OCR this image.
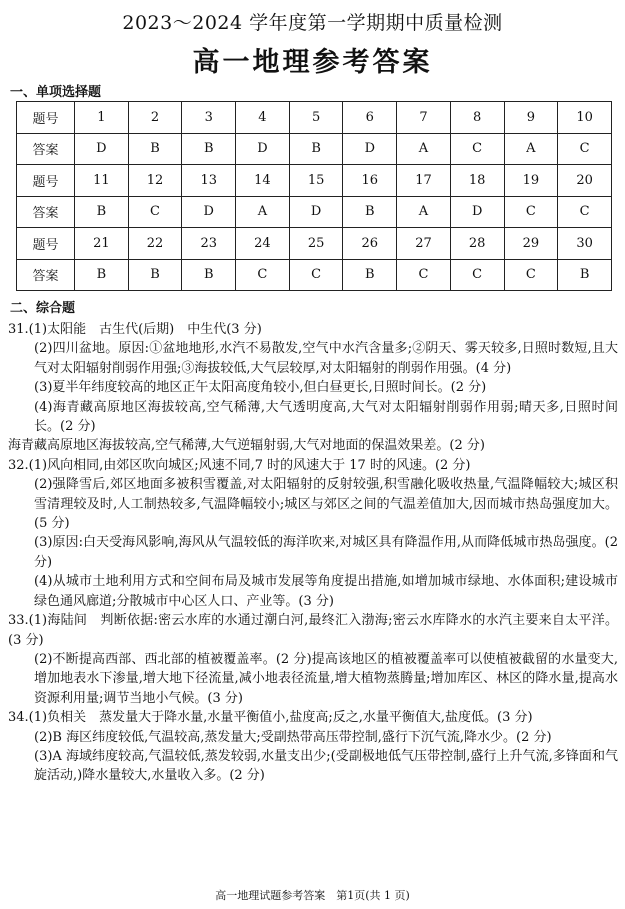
2023～2024 学年度第一学期期中质量检测
高一地理参考答案
一、单项选择题
题号	1	2	3	4	5	6	7	8	9	10
答案	D	B	B	D	B	D	A	C	A	C
题号	11	12	13	14	15	16	17	18	19	20
答案	B	C	D	A	D	B	A	D	C	C
题号	21	22	23	24	25	26	27	28	29	30
答案	B	B	B	C	C	B	C	C	C	B
二、综合题

31.(1)太阳能　古生代(后期)　中生代(3 分)

(2)四川盆地。原因:①盆地地形,水汽不易散发,空气中水汽含量多;②阴天、雾天较多,日照时数短,且大气对太阳辐射削弱作用强;③海拔较低,大气层较厚,对太阳辐射的削弱作用强。(4 分)

(3)夏半年纬度较高的地区正午太阳高度角较小,但白昼更长,日照时间长。(2 分)

(4)海青藏高原地区海拔较高,空气稀薄,大气透明度高,大气对太阳辐射削弱作用弱;晴天多,日照时间长。(2 分)

海青藏高原地区海拔较高,空气稀薄,大气逆辐射弱,大气对地面的保温效果差。(2 分)

32.(1)风向相同,由郊区吹向城区;风速不同,7 时的风速大于 17 时的风速。(2 分)

(2)强降雪后,郊区地面多被积雪覆盖,对太阳辐射的反射较强,积雪融化吸收热量,气温降幅较大;城区积雪清理较及时,人工制热较多,气温降幅较小;城区与郊区之间的气温差值加大,因而城市热岛强度加大。(5 分)

(3)原因:白天受海风影响,海风从气温较低的海洋吹来,对城区具有降温作用,从而降低城市热岛强度。(2 分)

(4)从城市土地利用方式和空间布局及城市发展等角度提出措施,如增加城市绿地、水体面积;建设城市绿色通风廊道;分散城市中心区人口、产业等。(3 分)

33.(1)海陆间　判断依据:密云水库的水通过潮白河,最终汇入渤海;密云水库降水的水汽主要来自太平洋。(3 分)

(2)不断提高西部、西北部的植被覆盖率。(2 分)提高该地区的植被覆盖率可以使植被截留的水量变大,增加地表水下渗量,增大地下径流量,减小地表径流量,增大植物蒸腾量;增加库区、林区的降水量,提高水资源利用量;调节当地小气候。(3 分)

34.(1)负相关　蒸发量大于降水量,水量平衡值小,盐度高;反之,水量平衡值大,盐度低。(3 分)

(2)B 海区纬度较低,气温较高,蒸发量大;受副热带高压带控制,盛行下沉气流,降水少。(2 分)

(3)A 海域纬度较高,气温较低,蒸发较弱,水量支出少;(受副极地低气压带控制,盛行上升气流,多锋面和气旋活动,)降水量较大,水量收入多。(2 分)

高一地理试题参考答案　第1页(共 1 页)
